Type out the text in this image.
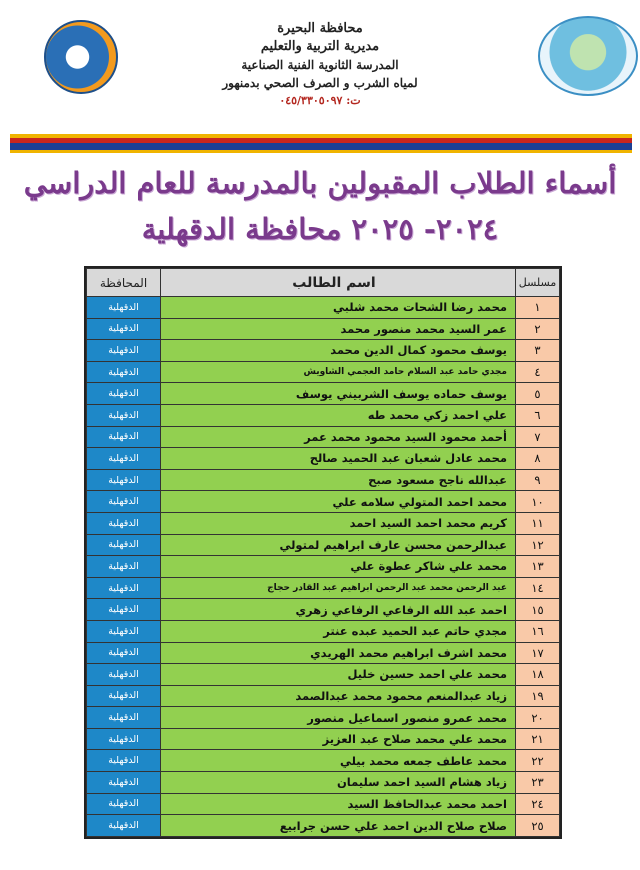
محافظة البحيرة
مديرية التربية والتعليم
المدرسة الثانوية الفنية الصناعية
لمياه الشرب و الصرف الصحي بدمنهور
ت: ٠٤٥/٣٣٠٥٠٩٧
أسماء الطلاب المقبولين بالمدرسة للعام الدراسي
٢٠٢٤- ٢٠٢٥ محافظة الدقهلية
مسلسل	اسم الطالب	المحافظة
١	محمد رضا الشحات محمد شلبي	الدقهلية
٢	عمر السيد محمد منصور محمد	الدقهلية
٣	يوسف محمود كمال الدين محمد	الدقهلية
٤	مجدي حامد عبد السلام حامد العجمي الشاويش	الدقهلية
٥	يوسف حماده يوسف الشربيني يوسف	الدقهلية
٦	علي احمد زكي محمد طه	الدقهلية
٧	أحمد محمود السيد محمود محمد عمر	الدقهلية
٨	محمد عادل شعبان عبد الحميد صالح	الدقهلية
٩	عبدالله ناجح مسعود صبح	الدقهلية
١٠	محمد احمد المتولي سلامه علي	الدقهلية
١١	كريم محمد احمد السيد احمد	الدقهلية
١٢	عبدالرحمن محسن عارف ابراهيم لمتولي	الدقهلية
١٣	محمد علي شاكر عطوة علي	الدقهلية
١٤	عبد الرحمن محمد عبد الرحمن ابراهيم عبد القادر حجاج	الدقهلية
١٥	احمد عبد الله الرفاعي الرفاعي زهري	الدقهلية
١٦	مجدي حاتم عبد الحميد عبده عنتر	الدقهلية
١٧	محمد اشرف ابراهيم محمد الهريدي	الدقهلية
١٨	محمد علي احمد حسين خليل	الدقهلية
١٩	زياد عبدالمنعم محمود محمد عبدالصمد	الدقهلية
٢٠	محمد عمرو منصور اسماعيل منصور	الدقهلية
٢١	محمد علي محمد صلاح عبد العزيز	الدقهلية
٢٢	محمد عاطف جمعه محمد بيلي	الدقهلية
٢٣	زياد هشام السيد احمد سليمان	الدقهلية
٢٤	احمد محمد عبدالحافظ السيد	الدقهلية
٢٥	صلاح صلاح الدين احمد علي حسن جرابيع	الدقهلية
